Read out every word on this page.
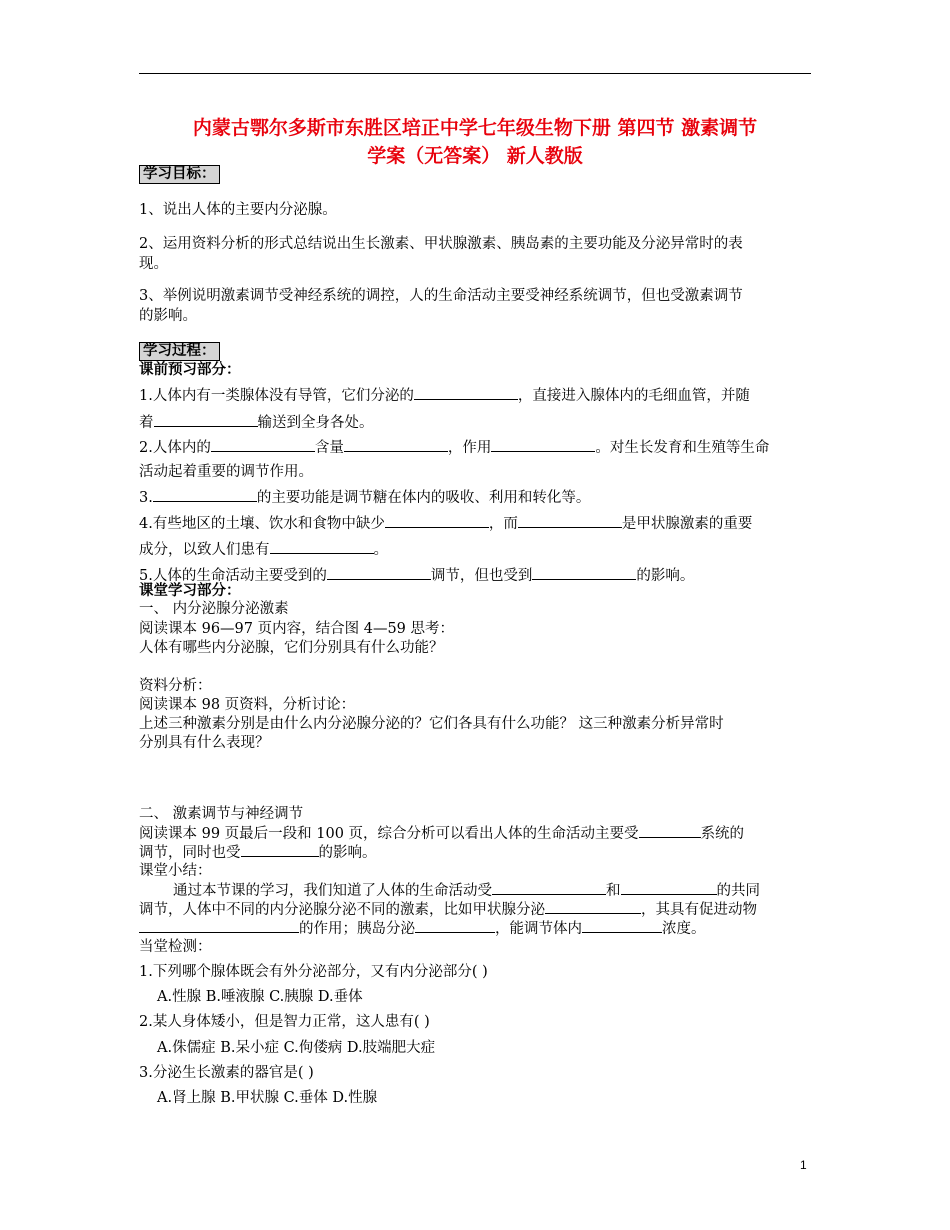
内蒙古鄂尔多斯市东胜区培正中学七年级生物下册 第四节 激素调节
学案（无答案） 新人教版
学习目标：
1、说出人体的主要内分泌腺。
2、运用资料分析的形式总结说出生长激素、甲状腺激素、胰岛素的主要功能及分泌异常时的表
现。
3、举例说明激素调节受神经系统的调控，人的生命活动主要受神经系统调节，但也受激素调节
的影响。
学习过程：
课前预习部分：
1.人体内有一类腺体没有导管，它们分泌的	，直接进入腺体内的毛细血管，并随
着	输送到全身各处。
2.人体内的	含量	，作用	。对生长发育和生殖等生命
活动起着重要的调节作用。
3.	的主要功能是调节糖在体内的吸收、利用和转化等。
4.有些地区的土壤、饮水和食物中缺少	，而	是甲状腺激素的重要
成分，以致人们患有	。
5.人体的生命活动主要受到的	调节，但也受到	的影响。
课堂学习部分：
一、 内分泌腺分泌激素
阅读课本 96—97 页内容，结合图 4—59 思考：
人体有哪些内分泌腺，它们分别具有什么功能？
资料分析：
阅读课本 98 页资料，分析讨论：
上述三种激素分别是由什么内分泌腺分泌的？它们各具有什么功能？ 这三种激素分析异常时
分别具有什么表现？
二、 激素调节与神经调节
阅读课本 99 页最后一段和 100 页，综合分析可以看出人体的生命活动主要受	系统的
调节，同时也受	的影响。
课堂小结：
通过本节课的学习，我们知道了人体的生命活动受	和	的共同
调节，人体中不同的内分泌腺分泌不同的激素，比如甲状腺分泌	，其具有促进动物
的作用；胰岛分泌	，能调节体内	浓度。
当堂检测：
1.下列哪个腺体既会有外分泌部分，又有内分泌部分( )
A.性腺 B.唾液腺 C.胰腺 D.垂体
2.某人身体矮小，但是智力正常，这人患有( )
A.侏儒症 B.呆小症 C.佝偻病 D.肢端肥大症
3.分泌生长激素的器官是( )
A.肾上腺 B.甲状腺 C.垂体 D.性腺
1
